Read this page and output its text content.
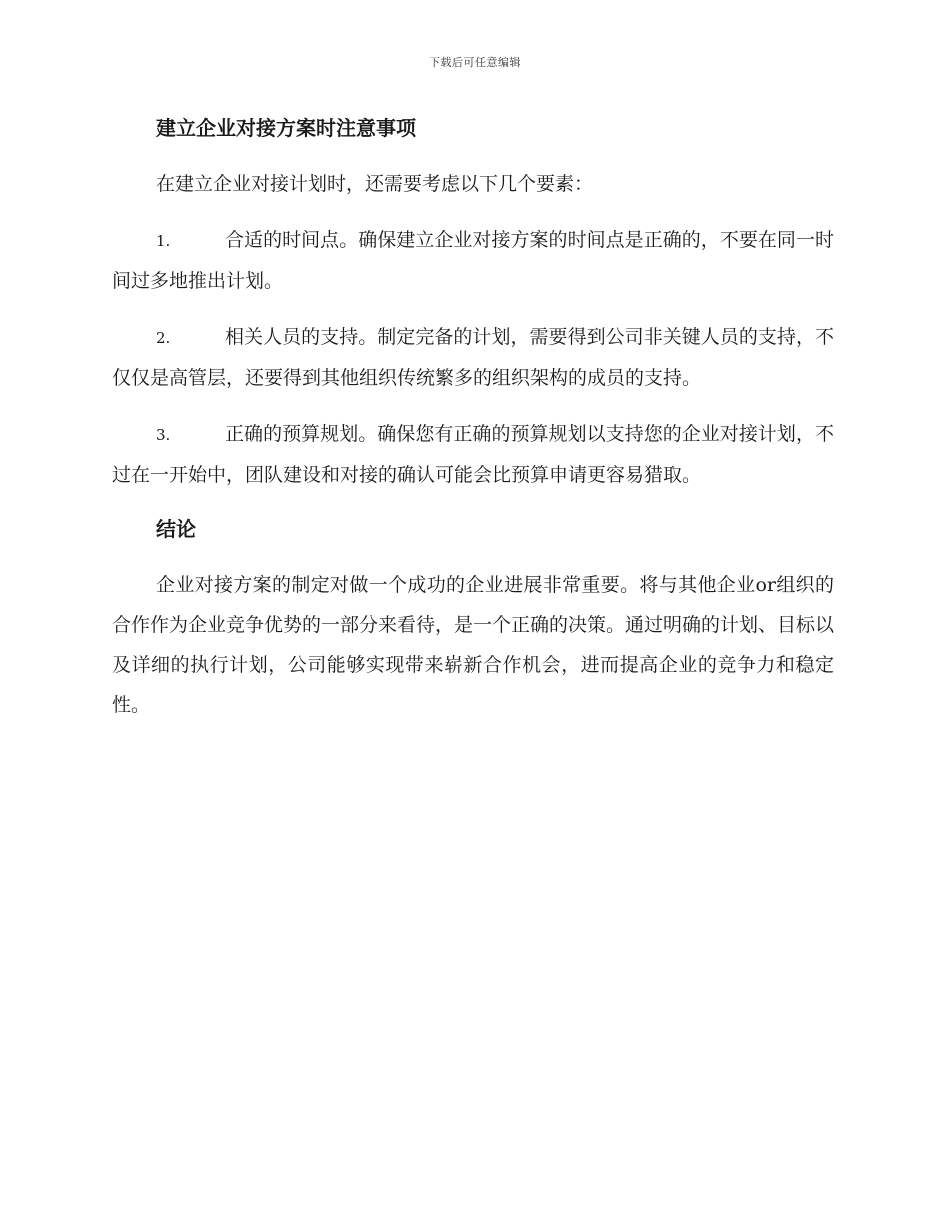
下载后可任意编辑
建立企业对接方案时注意事项
在建立企业对接计划时，还需要考虑以下几个要素：
1.	合适的时间点。确保建立企业对接方案的时间点是正确的，不要在同一时间过多地推出计划。
2.	相关人员的支持。制定完备的计划，需要得到公司非关键人员的支持，不仅仅是高管层，还要得到其他组织传统繁多的组织架构的成员的支持。
3.	正确的预算规划。确保您有正确的预算规划以支持您的企业对接计划，不过在一开始中，团队建设和对接的确认可能会比预算申请更容易猎取。
结论
企业对接方案的制定对做一个成功的企业进展非常重要。将与其他企业or组织的合作作为企业竞争优势的一部分来看待，是一个正确的决策。通过明确的计划、目标以及详细的执行计划，公司能够实现带来崭新合作机会，进而提高企业的竞争力和稳定性。
